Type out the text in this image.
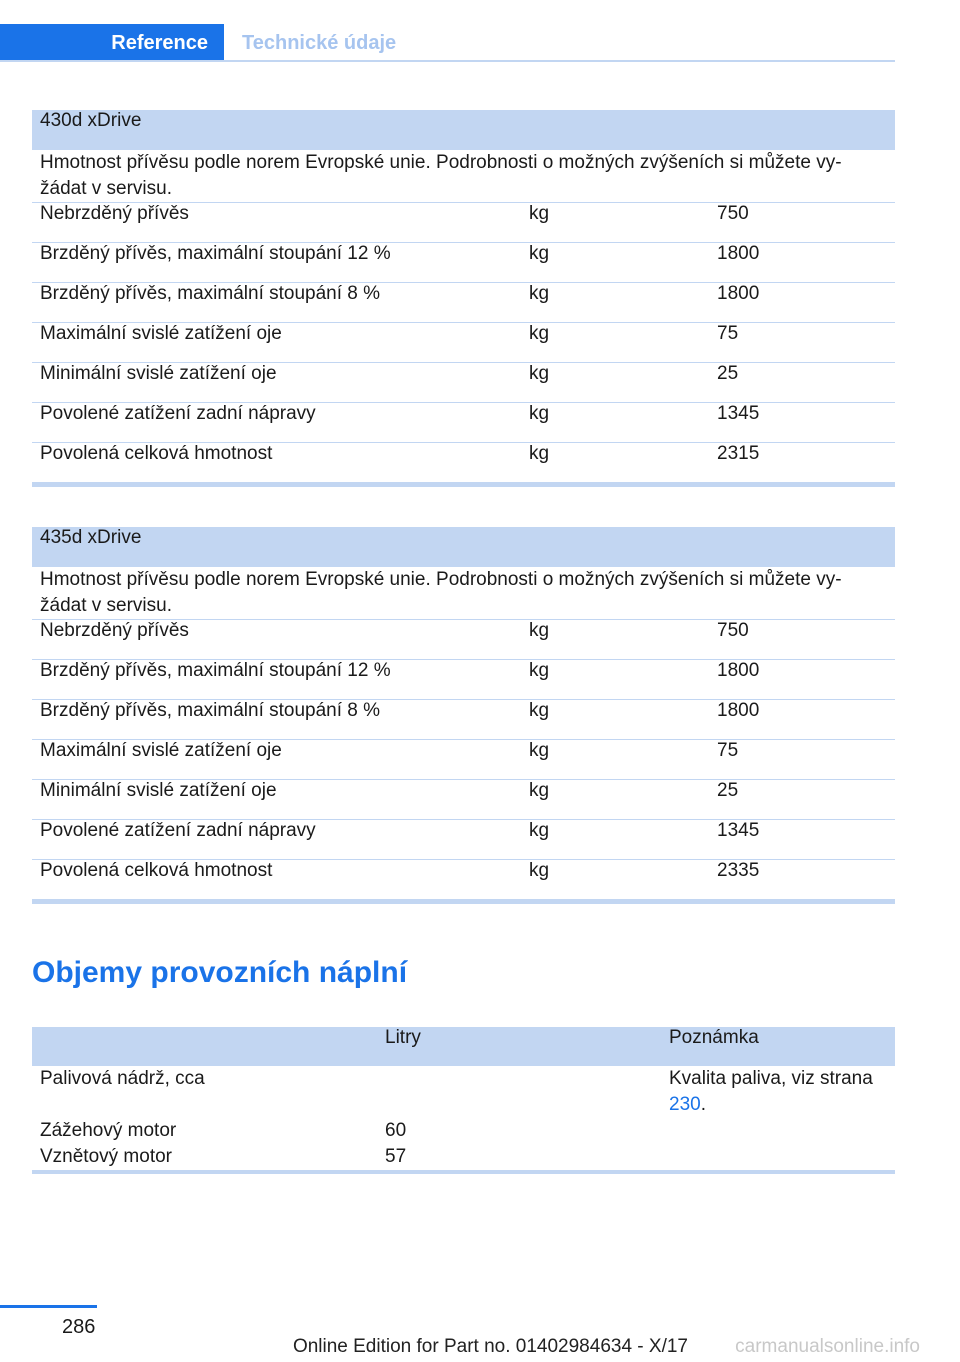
Reference	Technické údaje
430d xDrive		
Hmotnost přívěsu podle norem Evropské unie. Podrobnosti o možných zvýšeních si můžete vy-žádat v servisu.		
Nebrzděný přívěs	kg	750
Brzděný přívěs, maximální stoupání 12 %	kg	1800
Brzděný přívěs, maximální stoupání 8 %	kg	1800
Maximální svislé zatížení oje	kg	75
Minimální svislé zatížení oje	kg	25
Povolené zatížení zadní nápravy	kg	1345
Povolená celková hmotnost	kg	2315

435d xDrive		
Hmotnost přívěsu podle norem Evropské unie. Podrobnosti o možných zvýšeních si můžete vy-žádat v servisu.		
Nebrzděný přívěs	kg	750
Brzděný přívěs, maximální stoupání 12 %	kg	1800
Brzděný přívěs, maximální stoupání 8 %	kg	1800
Maximální svislé zatížení oje	kg	75
Minimální svislé zatížení oje	kg	25
Povolené zatížení zadní nápravy	kg	1345
Povolená celková hmotnost	kg	2335

Objemy provozních náplní
	Litry	Poznámka
Palivová nádrž, cca		Kvalita paliva, viz strana 230.
Zážehový motor	60	
Vznětový motor	57	

286
Online Edition for Part no. 01402984634 - X/17 carmanualsonline.info
